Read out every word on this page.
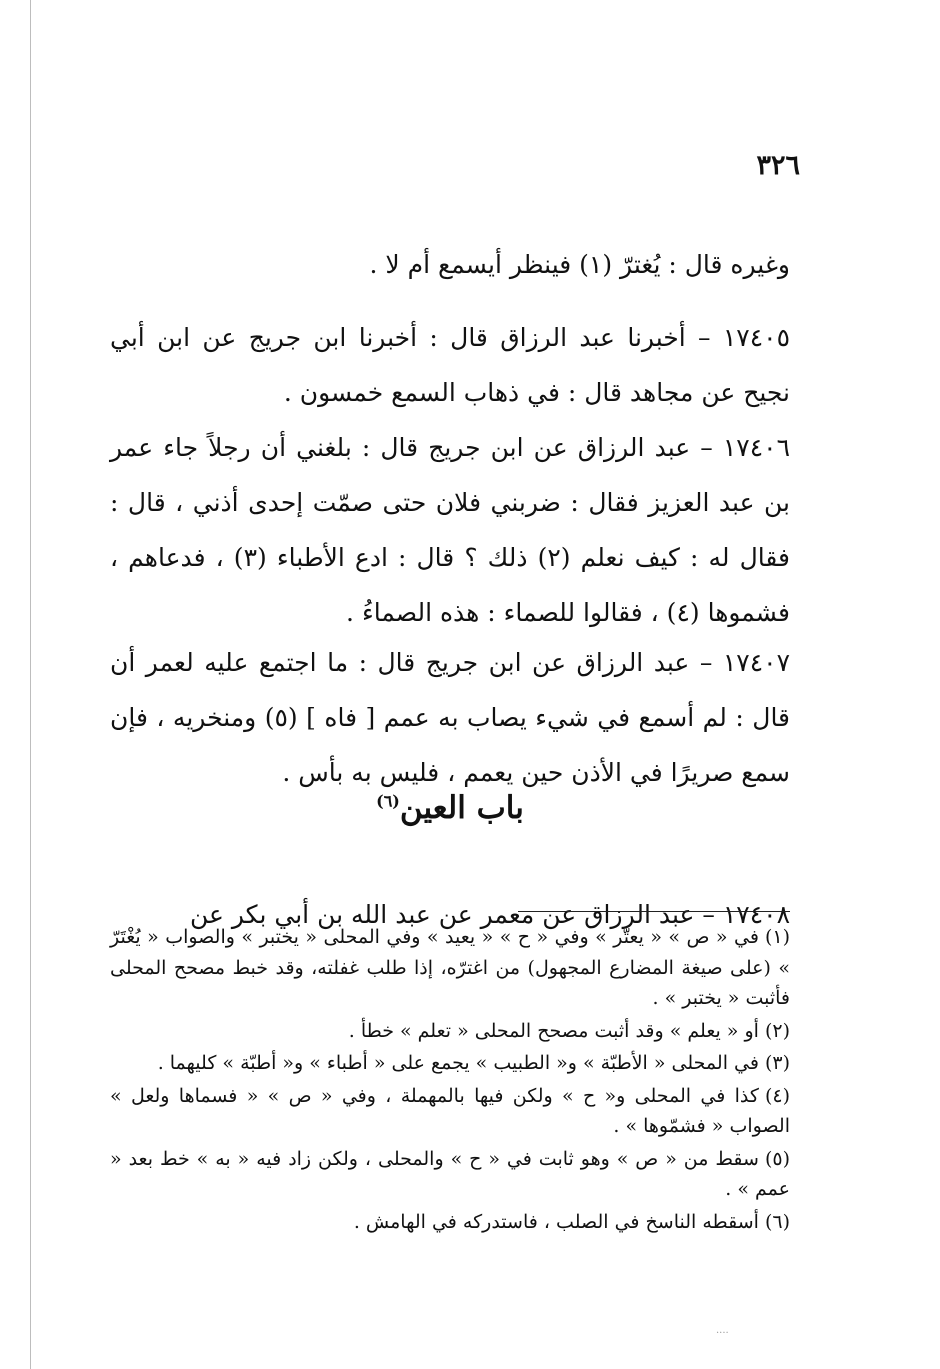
٣٢٦

وغيره قال : يُغترّ (١) فينظر أيسمع أم لا .

١٧٤٠٥ – أخبرنا عبد الرزاق قال : أخبرنا ابن جريج عن ابن أبي نجيح عن مجاهد قال : في ذهاب السمع خمسون .

١٧٤٠٦ – عبد الرزاق عن ابن جريج قال : بلغني أن رجلاً جاء عمر بن عبد العزيز فقال : ضربني فلان حتى صمّت إحدى أذني ، قال : فقال له : كيف نعلم (٢) ذلك ؟ قال : ادع الأطباء (٣) ، فدعاهم ، فشموها (٤) ، فقالوا للصماء : هذه الصماءُ .

١٧٤٠٧ – عبد الرزاق عن ابن جريج قال : ما اجتمع عليه لعمر أن قال : لم أسمع في شيء يصاب به عمم [ فاه ] (٥) ومنخريه ، فإن سمع صريرًا في الأذن حين يعمم ، فليس به بأس .

باب العين$^{(٦)}$

١٧٤٠٨ – عبد الرزاق عن معمر عن عبد الله بن أبي بكر عن

(١)في « ص » « يعتّر » وفي « ح » « يعيد » وفي المحلى « يختبر » والصواب « يُغْتَرّ » (على صيغة المضارع المجهول) من اغترّه، إذا طلب غفلته، وقد خبط مصحح المحلى فأثبت « يختبر » .

(٢)أو « يعلم » وقد أثبت مصحح المحلى « تعلم » خطأ .

(٣)في المحلى « الأطبّة » و« الطبيب » يجمع على « أطباء » و« أطبّة » كليهما .

(٤)كذا في المحلى و« ح » ولكن فيها بالمهملة ، وفي « ص » « فسماها ولعل » الصواب « فشمّوها » .

(٥)سقط من « ص » وهو ثابت في « ح » والمحلى ، ولكن زاد فيه « به » خط بعد « عمم » .

(٦)أسقطه الناسخ في الصلب ، فاستدركه في الهامش .

....
